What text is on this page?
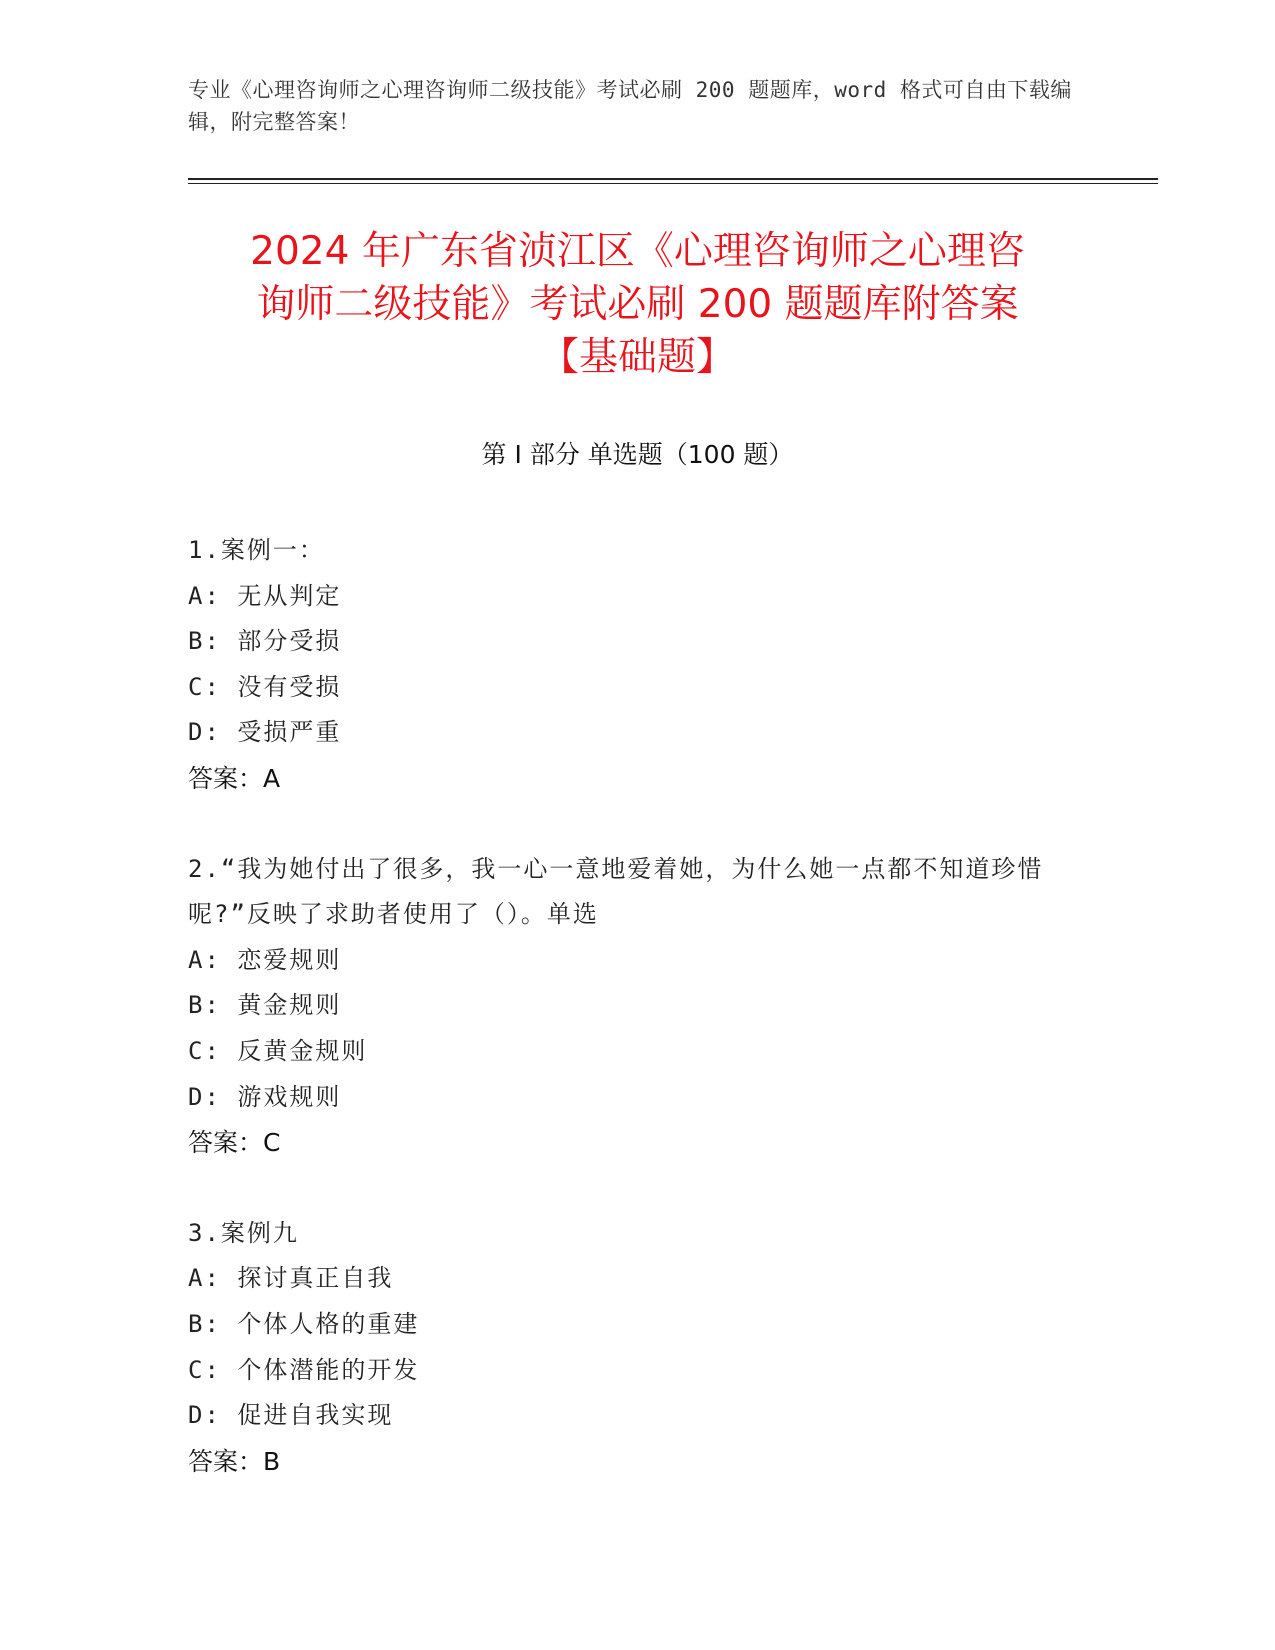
专业《心理咨询师之心理咨询师二级技能》考试必刷 200 题题库，word 格式可自由下载编辑，附完整答案！
2024 年广东省浈江区《心理咨询师之心理咨
询师二级技能》考试必刷 200 题题库附答案
【基础题】
第 I 部分 单选题（100 题）
1.案例一：
A: 无从判定
B: 部分受损
C: 没有受损
D: 受损严重
答案：A
2.“我为她付出了很多，我一心一意地爱着她，为什么她一点都不知道珍惜呢?”反映了求助者使用了（）。单选
A: 恋爱规则
B: 黄金规则
C: 反黄金规则
D: 游戏规则
答案：C
3.案例九
A: 探讨真正自我
B: 个体人格的重建
C: 个体潜能的开发
D: 促进自我实现
答案：B
